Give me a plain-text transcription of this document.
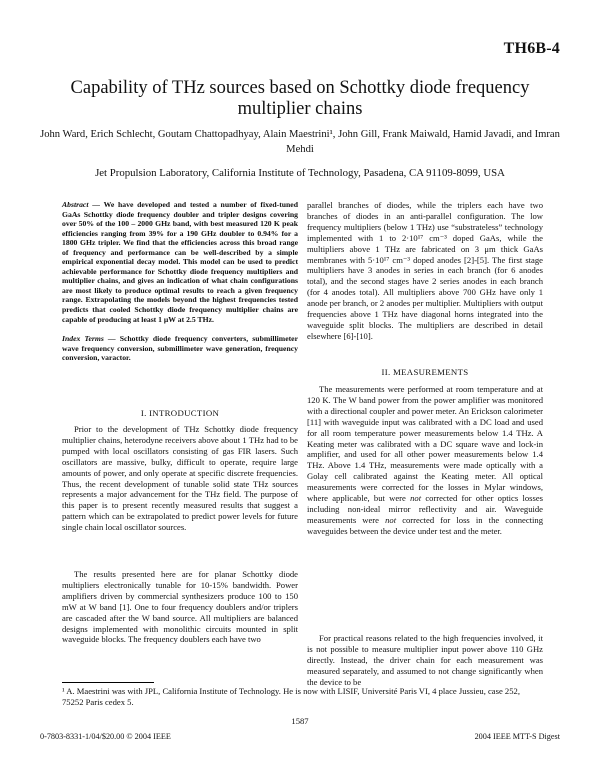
TH6B-4
Capability of THz sources based on Schottky diode frequency multiplier chains
John Ward, Erich Schlecht, Goutam Chattopadhyay, Alain Maestrini¹, John Gill, Frank Maiwald, Hamid Javadi, and Imran Mehdi
Jet Propulsion Laboratory, California Institute of Technology, Pasadena, CA 91109-8099, USA
Abstract — We have developed and tested a number of fixed-tuned GaAs Schottky diode frequency doubler and tripler designs covering over 50% of the 100 – 2000 GHz band, with best measured 120 K peak efficiencies ranging from 39% for a 190 GHz doubler to 0.94% for a 1800 GHz tripler. We find that the efficiencies across this broad range of frequency and performance can be well-described by a simple empirical exponential decay model. This model can be used to predict achievable performance for Schottky diode frequency multipliers and multiplier chains, and gives an indication of what chain configurations are most likely to produce optimal results to reach a given frequency range. Extrapolating the models beyond the highest frequencies tested predicts that cooled Schottky diode frequency multiplier chains are capable of producing at least 1 μW at 2.5 THz.
Index Terms — Schottky diode frequency converters, submillimeter wave frequency conversion, submillimeter wave generation, frequency conversion, varactor.
I. INTRODUCTION

Prior to the development of THz Schottky diode frequency multiplier chains, heterodyne receivers above about 1 THz had to be pumped with local oscillators consisting of gas FIR lasers. Such oscillators are massive, bulky, difficult to operate, require large amounts of power, and only operate at specific discrete frequencies. Thus, the recent development of tunable solid state THz sources represents a major advancement for the THz field. The purpose of this paper is to present recently measured results that suggest a pattern which can be extrapolated to predict power levels for future single chain local oscillator sources.

The results presented here are for planar Schottky diode multipliers electronically tunable for 10-15% bandwidth. Power amplifiers driven by commercial synthesizers produce 100 to 150 mW at W band [1]. One to four frequency doublers and/or triplers are cascaded after the W band source. All multipliers are balanced designs implemented with monolithic circuits mounted in split waveguide blocks. The frequency doublers each have two

parallel branches of diodes, while the triplers each have two branches of diodes in an anti-parallel configuration. The low frequency multipliers (below 1 THz) use “substrateless” technology implemented with 1 to 2·10¹⁷ cm⁻³ doped GaAs, while the multipliers above 1 THz are fabricated on 3 μm thick GaAs membranes with 5·10¹⁷ cm⁻³ doped anodes [2]-[5]. The first stage multipliers have 3 anodes in series in each branch (for 6 anodes total), and the second stages have 2 series anodes in each branch (for 4 anodes total). All multipliers above 700 GHz have only 1 anode per branch, or 2 anodes per multiplier. Multipliers with output frequencies above 1 THz have diagonal horns integrated into the waveguide split blocks. The multipliers are described in detail elsewhere [6]-[10].

II. MEASUREMENTS

The measurements were performed at room temperature and at 120 K. The W band power from the power amplifier was monitored with a directional coupler and power meter. An Erickson calorimeter [11] with waveguide input was calibrated with a DC load and used for all room temperature power measurements below 1.4 THz. A Keating meter was calibrated with a DC square wave and lock-in amplifier, and used for all other power measurements below 1.4 THz. Above 1.4 THz, measurements were made optically with a Golay cell calibrated against the Keating meter. All optical measurements were corrected for the losses in Mylar windows, where applicable, but were not corrected for other optics losses including non-ideal mirror reflectivity and air. Waveguide measurements were not corrected for loss in the connecting waveguides between the device under test and the meter.

For practical reasons related to the high frequencies involved, it is not possible to measure multiplier input power above 110 GHz directly. Instead, the driver chain for each measurement was measured separately, and assumed to not change significantly when the device to be

¹ A. Maestrini was with JPL, California Institute of Technology. He is now with LISIF, Université Paris VI, 4 place Jussieu, case 252, 75252 Paris cedex 5.
1587
0-7803-8331-1/04/$20.00 © 2004 IEEE	2004 IEEE MTT-S Digest
